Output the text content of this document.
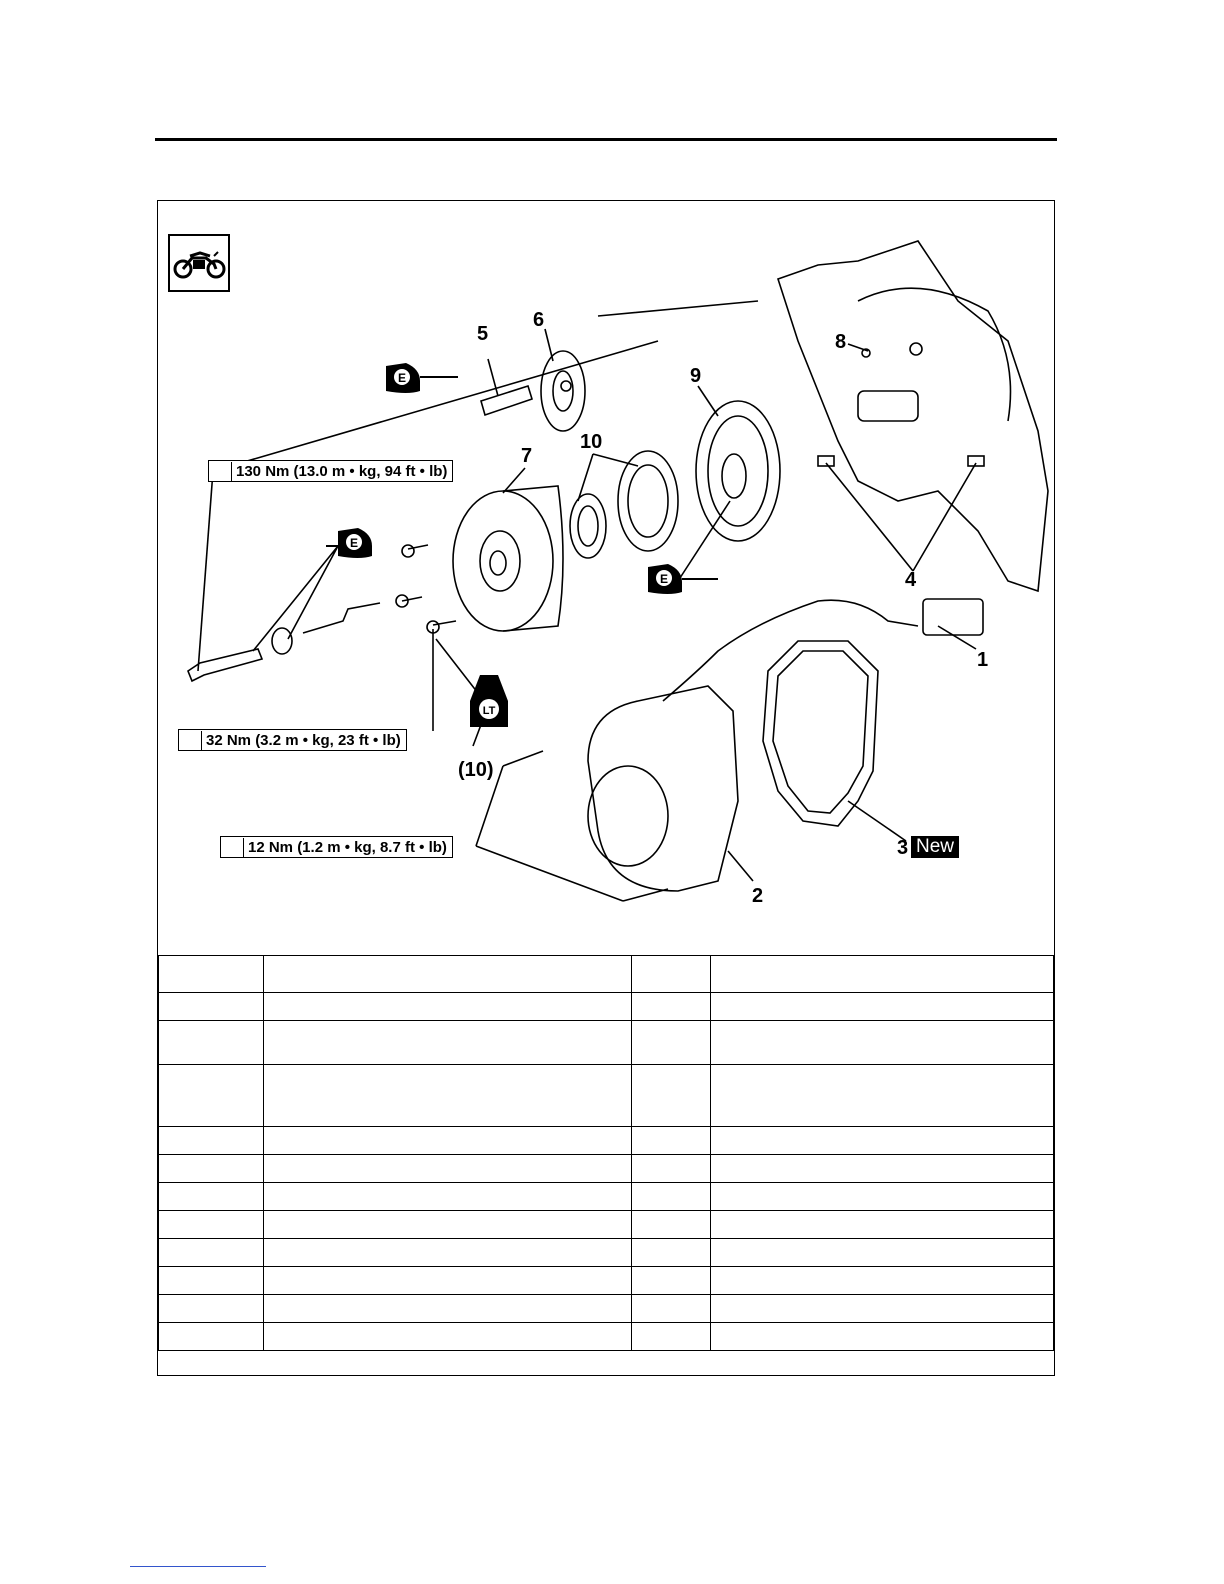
E
E
E
LT
1
2
3 New
4
5
6
7
8
9
10
(10)
130 Nm (13.0 m • kg, 94 ft • lb)
32 Nm (3.2 m • kg, 23 ft • lb)
12 Nm (1.2 m • kg, 8.7 ft • lb)
